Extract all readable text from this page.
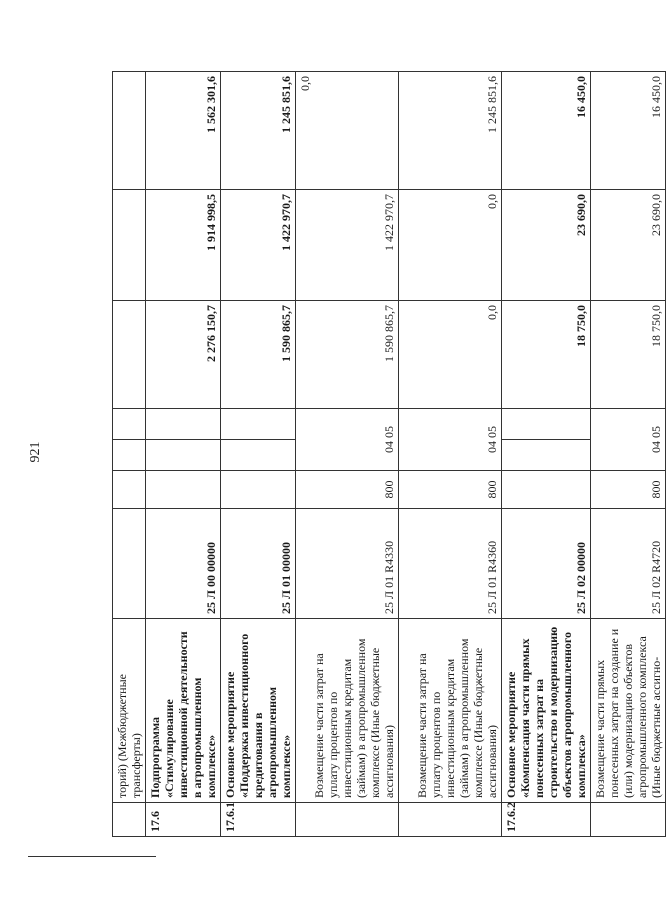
921
	торий) (Межбюджетные трансферты)							
17.6	Подпрограмма «Стимулирование инвестиционной деятельности в агропромышленном комплексе»	25 Л 00 00000				2 276 150,7	1 914 998,5	1 562 301,6
17.6.1	Основное мероприятие «Поддержка инвестиционного кредитования в агропромышленном комплексе»	25 Л 01 00000				1 590 865,7	1 422 970,7	1 245 851,6
	Возмещение части затрат на уплату процентов по инвестиционным кредитам (займам) в агропромышленном комплексе (Иные бюджетные ассигнования)	25 Л 01 R4330	800	04 05		1 590 865,7	1 422 970,7	0,0
	Возмещение части затрат на уплату процентов по инвестиционным кредитам (займам) в агропромышленном комплексе (Иные бюджетные ассигнования)	25 Л 01 R4360	800	04 05		0,0	0,0	1 245 851,6
17.6.2	Основное мероприятие «Компенсация части прямых понесенных затрат на строительство и модернизацию объектов агропромышленного комплекса»	25 Л 02 00000				18 750,0	23 690,0	16 450,0
	Возмещение части прямых понесенных затрат на создание и (или) модернизацию объектов агропромышленного комплекса (Иные бюджетные ассигно-	25 Л 02 R4720	800	04 05		18 750,0	23 690,0	16 450,0
